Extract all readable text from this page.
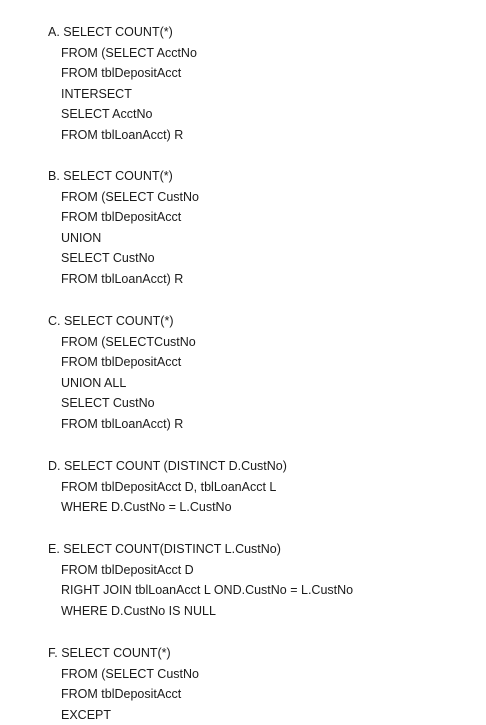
A. SELECT COUNT(*)
FROM (SELECT AcctNo
FROM tblDepositAcct
INTERSECT
SELECT AcctNo
FROM tblLoanAcct) R
B. SELECT COUNT(*)
FROM (SELECT CustNo
FROM tblDepositAcct
UNION
SELECT CustNo
FROM tblLoanAcct) R
C. SELECT COUNT(*)
FROM (SELECTCustNo
FROM tblDepositAcct
UNION ALL
SELECT CustNo
FROM tblLoanAcct) R
D. SELECT COUNT (DISTINCT D.CustNo)
FROM tblDepositAcct D, tblLoanAcct L
WHERE D.CustNo = L.CustNo
E. SELECT COUNT(DISTINCT L.CustNo)
FROM tblDepositAcct D
RIGHT JOIN tblLoanAcct L OND.CustNo = L.CustNo
WHERE D.CustNo IS NULL
F. SELECT COUNT(*)
FROM (SELECT CustNo
FROM tblDepositAcct
EXCEPT
